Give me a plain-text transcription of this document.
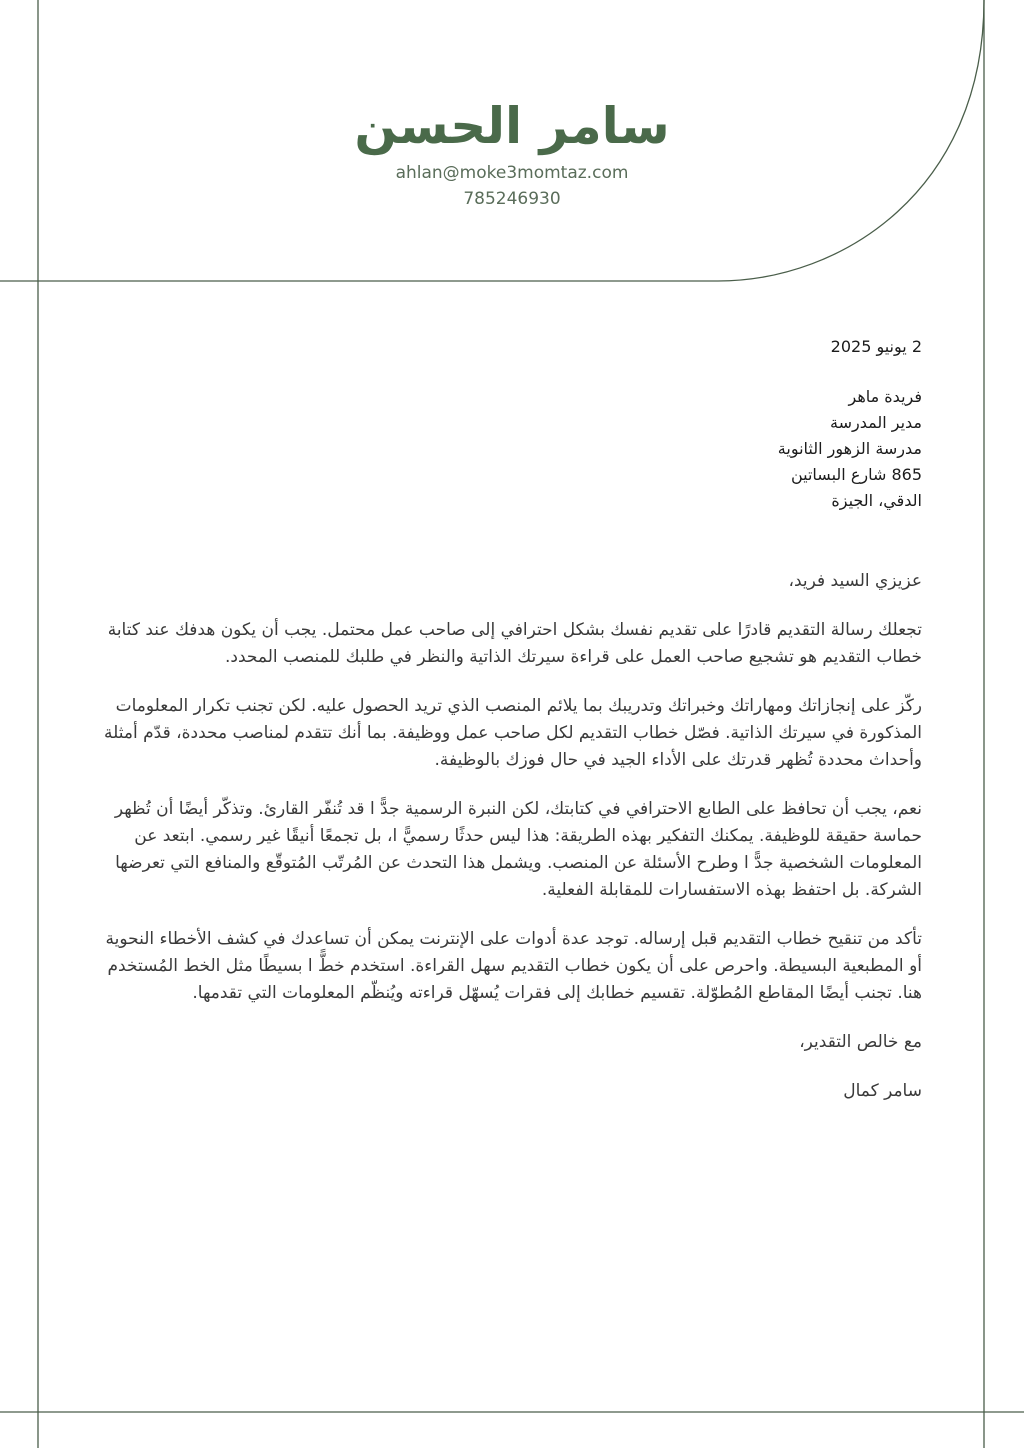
سامر الحسن
ahlan@moke3momtaz.com
785246930
2 يونيو 2025
فريدة ماهر
مدير المدرسة
مدرسة الزهور الثانوية
865 شارع البساتين
الدقي، الجيزة

عزيزي السيد فريد،

تجعلك رسالة التقديم قادرًا على تقديم نفسك بشكل احترافي إلى صاحب عمل محتمل. يجب أن يكون هدفك عند كتابة خطاب التقديم هو تشجيع صاحب العمل على قراءة سيرتك الذاتية والنظر في طلبك للمنصب المحدد.

ركّز على إنجازاتك ومهاراتك وخبراتك وتدريبك بما يلائم المنصب الذي تريد الحصول عليه. لكن تجنب تكرار المعلومات المذكورة في سيرتك الذاتية. فصّل خطاب التقديم لكل صاحب عمل ووظيفة. بما أنك تتقدم لمناصب محددة، قدّم أمثلة وأحداث محددة تُظهر قدرتك على الأداء الجيد في حال فوزك بالوظيفة.

نعم، يجب أن تحافظ على الطابع الاحترافي في كتابتك، لكن النبرة الرسمية جدًّ ا قد تُنفّر القارئ. وتذكّر أيضًا أن تُظهر حماسة حقيقة للوظيفة. يمكنك التفكير بهذه الطريقة: هذا ليس حدثًا رسميًّ ا، بل تجمعًا أنيقًا غير رسمي. ابتعد عن المعلومات الشخصية جدًّ ا وطرح الأسئلة عن المنصب. ويشمل هذا التحدث عن المُرتّب المُتوقّع والمنافع التي تعرضها الشركة. بل احتفظ بهذه الاستفسارات للمقابلة الفعلية.

تأكد من تنقيح خطاب التقديم قبل إرساله. توجد عدة أدوات على الإنترنت يمكن أن تساعدك في كشف الأخطاء النحوية أو المطبعية البسيطة. واحرص على أن يكون خطاب التقديم سهل القراءة. استخدم خطًّ ا بسيطًا مثل الخط المُستخدم هنا. تجنب أيضًا المقاطع المُطوّلة. تقسيم خطابك إلى فقرات يُسهّل قراءته ويُنظّم المعلومات التي تقدمها.

مع خالص التقدير،

سامر كمال
